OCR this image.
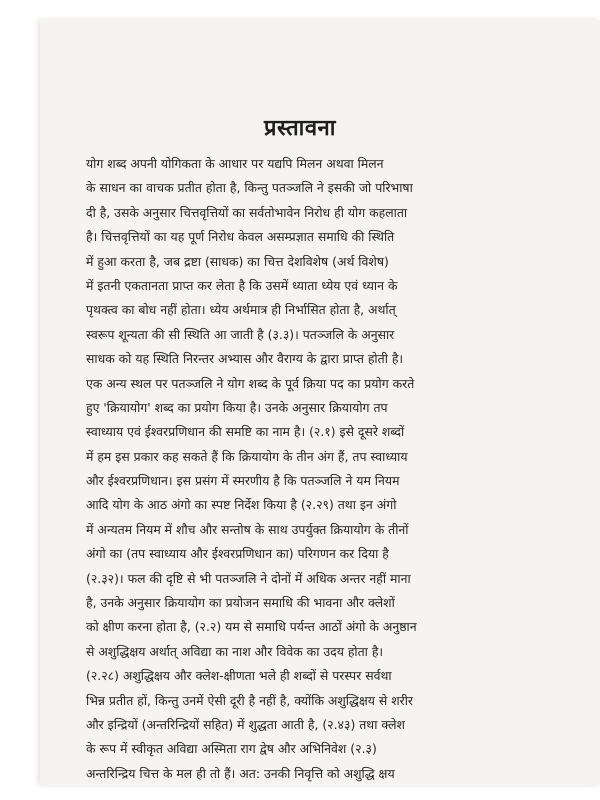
प्रस्तावना
योग शब्द अपनी योगिकता के आधार पर यद्यपि मिलन अथवा मिलन
के साधन का वाचक प्रतीत होता है, किन्तु पतञ्जलि ने इसकी जो परिभाषा
दी है, उसके अनुसार चित्तवृत्तियों का सर्वतोभावेन निरोध ही योग कहलाता
है। चित्तवृत्तियों का यह पूर्ण निरोध केवल असम्प्रज्ञात समाधि की स्थिति
में हुआ करता है, जब द्रष्टा (साधक) का चित्त देशविशेष (अर्थ विशेष)
में इतनी एकतानता प्राप्त कर लेता है कि उसमें ध्याता ध्येय एवं ध्यान के
पृथक्त्व का बोध नहीं होता। ध्येय अर्थमात्र ही निर्भासित होता है, अर्थात्
स्वरूप शून्यता की सी स्थिति आ जाती है (३.३)। पतञ्जलि के अनुसार
साधक को यह स्थिति निरन्तर अभ्यास और वैराग्य के द्वारा प्राप्त होती है।
एक अन्य स्थल पर पतञ्जलि ने योग शब्द के पूर्व क्रिया पद का प्रयोग करते
हुए 'क्रियायोग' शब्द का प्रयोग किया है। उनके अनुसार क्रियायोग तप
स्वाध्याय एवं ईश्वरप्रणिधान की समष्टि का नाम है। (२.१) इसे दूसरे शब्दों
में हम इस प्रकार कह सकते हैं कि क्रियायोग के तीन अंग हैं, तप स्वाध्याय
और ईश्वरप्रणिधान। इस प्रसंग में स्मरणीय है कि पतञ्जलि ने यम नियम
आदि योग के आठ अंगो का स्पष्ट निर्देश किया है (२.२९) तथा इन अंगो
में अन्यतम नियम में शौच और सन्तोष के साथ उपर्युक्त क्रियायोग के तीनों
अंगो का (तप स्वाध्याय और ईश्वरप्रणिधान का) परिगणन कर दिया है
(२.३२)। फल की दृष्टि से भी पतञ्जलि ने दोनों में अधिक अन्तर नहीं माना
है, उनके अनुसार क्रियायोग का प्रयोजन समाधि की भावना और क्लेशों
को क्षीण करना होता है, (२.२) यम से समाधि पर्यन्त आठों अंगो के अनुष्ठान
से अशुद्धिक्षय अर्थात् अविद्या का नाश और विवेक का उदय होता है।
(२.२८) अशुद्धिक्षय और क्लेश-क्षीणता भले ही शब्दों से परस्पर सर्वथा
भिन्न प्रतीत हों, किन्तु उनमें ऐसी दूरी है नहीं है, क्योंकि अशुद्धिक्षय से शरीर
और इन्द्रियों (अन्तरिन्द्रियों सहित) में शुद्धता आती है, (२.४३) तथा क्लेश
के रूप में स्वीकृत अविद्या अस्मिता राग द्वेष और अभिनिवेश (२.३)
अन्तरिन्द्रिय चित्त के मल ही तो हैं। अत: उनकी निवृत्ति को अशुद्धि क्षय
